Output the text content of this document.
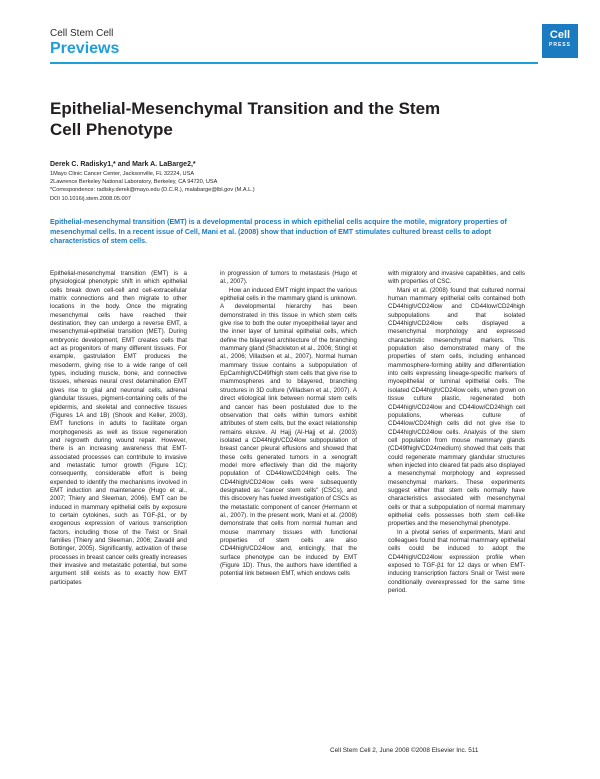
Cell Stem Cell
Previews
Cell
PRESS
Epithelial-Mesenchymal Transition and the Stem Cell Phenotype
Derek C. Radisky1,* and Mark A. LaBarge2,*
1Mayo Clinic Cancer Center, Jacksonville, FL 32224, USA
2Lawrence Berkeley National Laboratory, Berkeley, CA 94720, USA
*Correspondence: radisky.derek@mayo.edu (D.C.R.), malabarge@lbl.gov (M.A.L.)
DOI 10.1016/j.stem.2008.05.007
Epithelial-mesenchymal transition (EMT) is a developmental process in which epithelial cells acquire the motile, migratory properties of mesenchymal cells. In a recent issue of Cell, Mani et al. (2008) show that induction of EMT stimulates cultured breast cells to adopt characteristics of stem cells.

Epithelial-mesenchymal transition (EMT) is a physiological phenotypic shift in which epithelial cells break down cell-cell and cell-extracellular matrix connections and then migrate to other locations in the body. Once the migrating mesenchymal cells have reached their destination, they can undergo a reverse EMT, a mesenchymal-epithelial transition (MET). During embryonic development, EMT creates cells that act as progenitors of many different tissues. For example, gastrulation EMT produces the mesoderm, giving rise to a wide range of cell types, including muscle, bone, and connective tissues, whereas neural crest delamination EMT gives rise to glial and neuronal cells, adrenal glandular tissues, pigment-containing cells of the epidermis, and skeletal and connective tissues (Figures 1A and 1B) (Shook and Keller, 2003). EMT functions in adults to facilitate organ morphogenesis as well as tissue regeneration and regrowth during wound repair. However, there is an increasing awareness that EMT-associated processes can contribute to invasive and metastatic tumor growth (Figure 1C); consequently, considerable effort is being expended to identify the mechanisms involved in EMT induction and maintenance (Hugo et al., 2007; Thiery and Sleeman, 2006). EMT can be induced in mammary epithelial cells by exposure to certain cytokines, such as TGF-β1, or by exogenous expression of various transcription factors, including those of the Twist or Snail families (Thiery and Sleeman, 2006; Zavadil and Bottinger, 2005). Significantly, activation of these processes in breast cancer cells greatly increases their invasive and metastatic potential, but some argument still exists as to exactly how EMT participates

in progression of tumors to metastasis (Hugo et al., 2007).

How an induced EMT might impact the various epithelial cells in the mammary gland is unknown. A developmental hierarchy has been demonstrated in this tissue in which stem cells give rise to both the outer myoepithelial layer and the inner layer of luminal epithelial cells, which define the bilayered architecture of the branching mammary gland (Shackleton et al., 2006; Stingl et al., 2006; Villadsen et al., 2007). Normal human mammary tissue contains a subpopulation of EpCamhigh/CD49fhigh stem cells that give rise to mammospheres and to bilayered, branching structures in 3D culture (Villadsen et al., 2007). A direct etiological link between normal stem cells and cancer has been postulated due to the observation that cells within tumors exhibit attributes of stem cells, but the exact relationship remains elusive. Al Hajj (Al-Hajj et al. (2003) isolated a CD44high/CD24low subpopulation of breast cancer pleural effusions and showed that these cells generated tumors in a xenograft model more effectively than did the majority population of CD44low/CD24high cells. The CD44high/CD24low cells were subsequently designated as "cancer stem cells" (CSCs), and this discovery has fueled investigation of CSCs as the metastatic component of cancer (Hermann et al., 2007). In the present work, Mani et al. (2008) demonstrate that cells from normal human and mouse mammary tissues with functional properties of stem cells are also CD44high/CD24low and, enticingly, that the surface phenotype can be induced by EMT (Figure 1D). Thus, the authors have identified a potential link between EMT, which endows cells

with migratory and invasive capabilities, and cells with properties of CSC.

Mani et al. (2008) found that cultured normal human mammary epithelial cells contained both CD44high/CD24low and CD44low/CD24high subpopulations and that isolated CD44high/CD24low cells displayed a mesenchymal morphology and expressed characteristic mesenchymal markers. This population also demonstrated many of the properties of stem cells, including enhanced mammosphere-forming ability and differentiation into cells expressing lineage-specific markers of myoepithelial or luminal epithelial cells. The isolated CD44high/CD24low cells, when grown on tissue culture plastic, regenerated both CD44high/CD24low and CD44low/CD24high cell populations, whereas culture of CD44low/CD24high cells did not give rise to CD44high/CD24low cells. Analysis of the stem cell population from mouse mammary glands (CD49fhigh/CD24medium) showed that cells that could regenerate mammary glandular structures when injected into cleared fat pads also displayed a mesenchymal morphology and expressed mesenchymal markers. These experiments suggest either that stem cells normally have characteristics associated with mesenchymal cells or that a subpopulation of normal mammary epithelial cells possesses both stem cell-like properties and the mesenchymal phenotype.

In a pivotal series of experiments, Mani and colleagues found that normal mammary epithelial cells could be induced to adopt the CD44high/CD24low expression profile when exposed to TGF-β1 for 12 days or when EMT-inducing transcription factors Snail or Twist were conditionally overexpressed for the same time period.

Cell Stem Cell 2, June 2008 ©2008 Elsevier Inc. 511
